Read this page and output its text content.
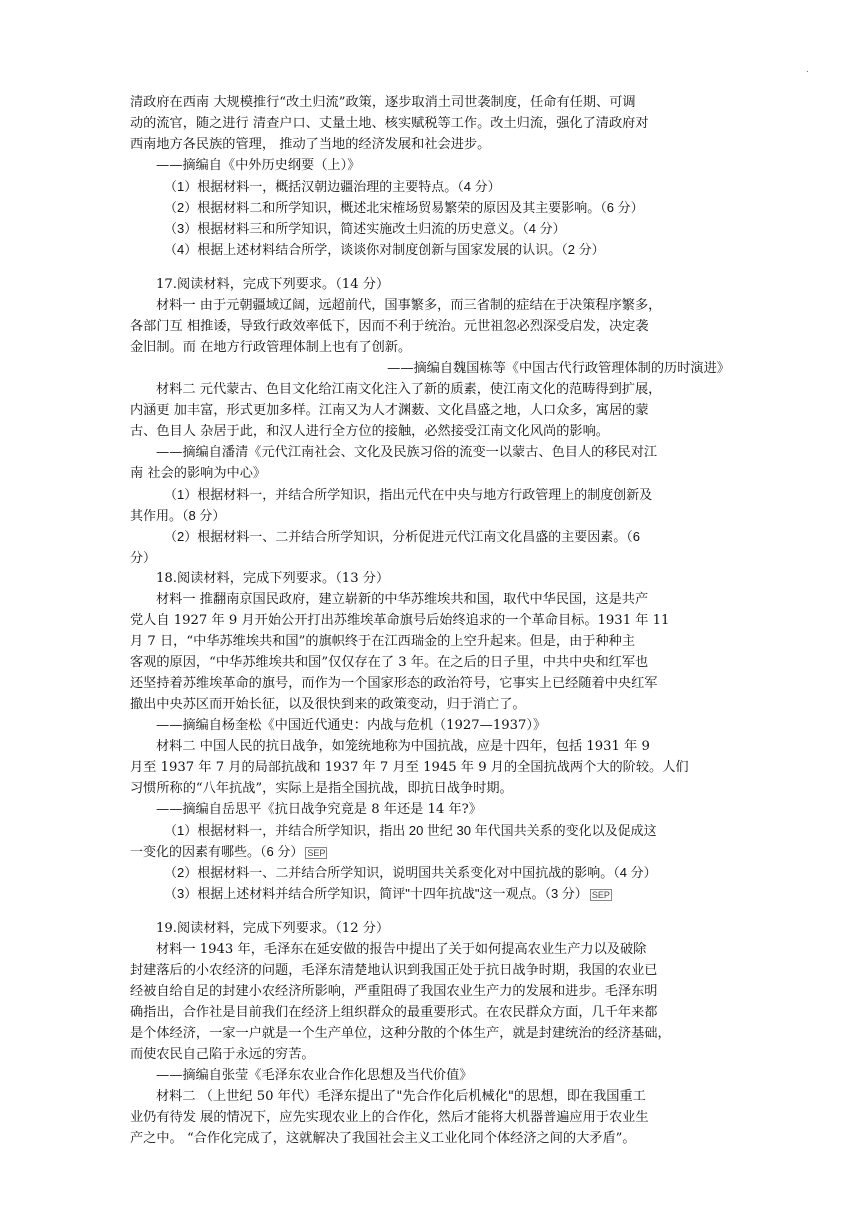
.
清政府在西南 大规模推行“改土归流”政策，逐步取消土司世袭制度，任命有任期、可调
动的流官，随之进行 清查户口、丈量土地、核实赋税等工作。改土归流，强化了清政府对
西南地方各民族的管理， 推动了当地的经济发展和社会进步。
——摘编自《中外历史纲要（上）》
（1）根据材料一，概括汉朝边疆治理的主要特点。（4 分）
（2）根据材料二和所学知识，概述北宋榷场贸易繁荣的原因及其主要影响。（6 分）
（3）根据材料三和所学知识，简述实施改土归流的历史意义。（4 分）
（4）根据上述材料结合所学，谈谈你对制度创新与国家发展的认识。（2 分）
17.阅读材料，完成下列要求。（14 分）
材料一 由于元朝疆域辽阔，远超前代，国事繁多，而三省制的症结在于决策程序繁多，
各部门互 相推诿，导致行政效率低下，因而不利于统治。元世祖忽必烈深受启发，决定袭
金旧制。而 在地方行政管理体制上也有了创新。
——摘编自魏国栋等《中国古代行政管理体制的历时演进》
材料二 元代蒙古、色目文化给江南文化注入了新的质素，使江南文化的范畴得到扩展，
内涵更 加丰富，形式更加多样。江南又为人才渊薮、文化昌盛之地，人口众多，寓居的蒙
古、色目人 杂居于此，和汉人进行全方位的接触，必然接受江南文化风尚的影响。
——摘编自潘清《元代江南社会、文化及民族习俗的流变一以蒙古、色目人的移民对江
南 社会的影响为中心》
（1）根据材料一，并结合所学知识，指出元代在中央与地方行政管理上的制度创新及
其作用。（8 分）
（2）根据材料一、二并结合所学知识，分析促进元代江南文化昌盛的主要因素。（6
分）
18.阅读材料，完成下列要求。（13 分）
材料一 推翻南京国民政府，建立崭新的中华苏维埃共和国，取代中华民国，这是共产
党人自 1927 年 9 月开始公开打出苏维埃革命旗号后始终追求的一个革命目标。1931 年 11
月 7 日，“中华苏维埃共和国”的旗帜终于在江西瑞金的上空升起来。但是，由于种种主
客观的原因，“中华苏维埃共和国”仅仅存在了 3 年。在之后的日子里，中共中央和红军也
还坚持着苏维埃革命的旗号，而作为一个国家形态的政治符号，它事实上已经随着中央红军
撤出中央苏区而开始长征，以及很快到来的政策变动，归于消亡了。
——摘编自杨奎松《中国近代通史：内战与危机（1927—1937）》
材料二 中国人民的抗日战争，如笼统地称为中国抗战，应是十四年，包括 1931 年 9
月至 1937 年 7 月的局部抗战和 1937 年 7 月至 1945 年 9 月的全国抗战两个大的阶较。人们
习惯所称的“八年抗战”，实际上是指全国抗战，即抗日战争时期。
——摘编自岳思平《抗日战争究竟是 8 年还是 14 年?》
（1）根据材料一，并结合所学知识，指出 20 世纪 30 年代国共关系的变化以及促成这
一变化的因素有哪些。（6 分） SEP
（2）根据材料一、二并结合所学知识，说明国共关系变化对中国抗战的影响。（4 分）
（3）根据上述材料并结合所学知识，简评"十四年抗战"这一观点。（3 分） SEP
19.阅读材料，完成下列要求。（12 分）
材料一 1943 年，毛泽东在延安做的报告中提出了关于如何提高农业生产力以及破除
封建落后的小农经济的问题，毛泽东清楚地认识到我国正处于抗日战争时期，我国的农业已
经被自给自足的封建小农经济所影响，严重阻碍了我国农业生产力的发展和进步。毛泽东明
确指出，合作社是目前我们在经济上组织群众的最重要形式。在农民群众方面，几千年来都
是个体经济，一家一户就是一个生产单位，这种分散的个体生产，就是封建统治的经济基础，
而使农民自己陷于永远的穷苦。
——摘编自张莹《毛泽东农业合作化思想及当代价值》
材料二 （上世纪 50 年代）毛泽东提出了"先合作化后机械化"的思想，即在我国重工
业仍有待发 展的情况下，应先实现农业上的合作化，然后才能将大机器普遍应用于农业生
产之中。 “合作化完成了，这就解决了我国社会主义工业化同个体经济之间的大矛盾”。
